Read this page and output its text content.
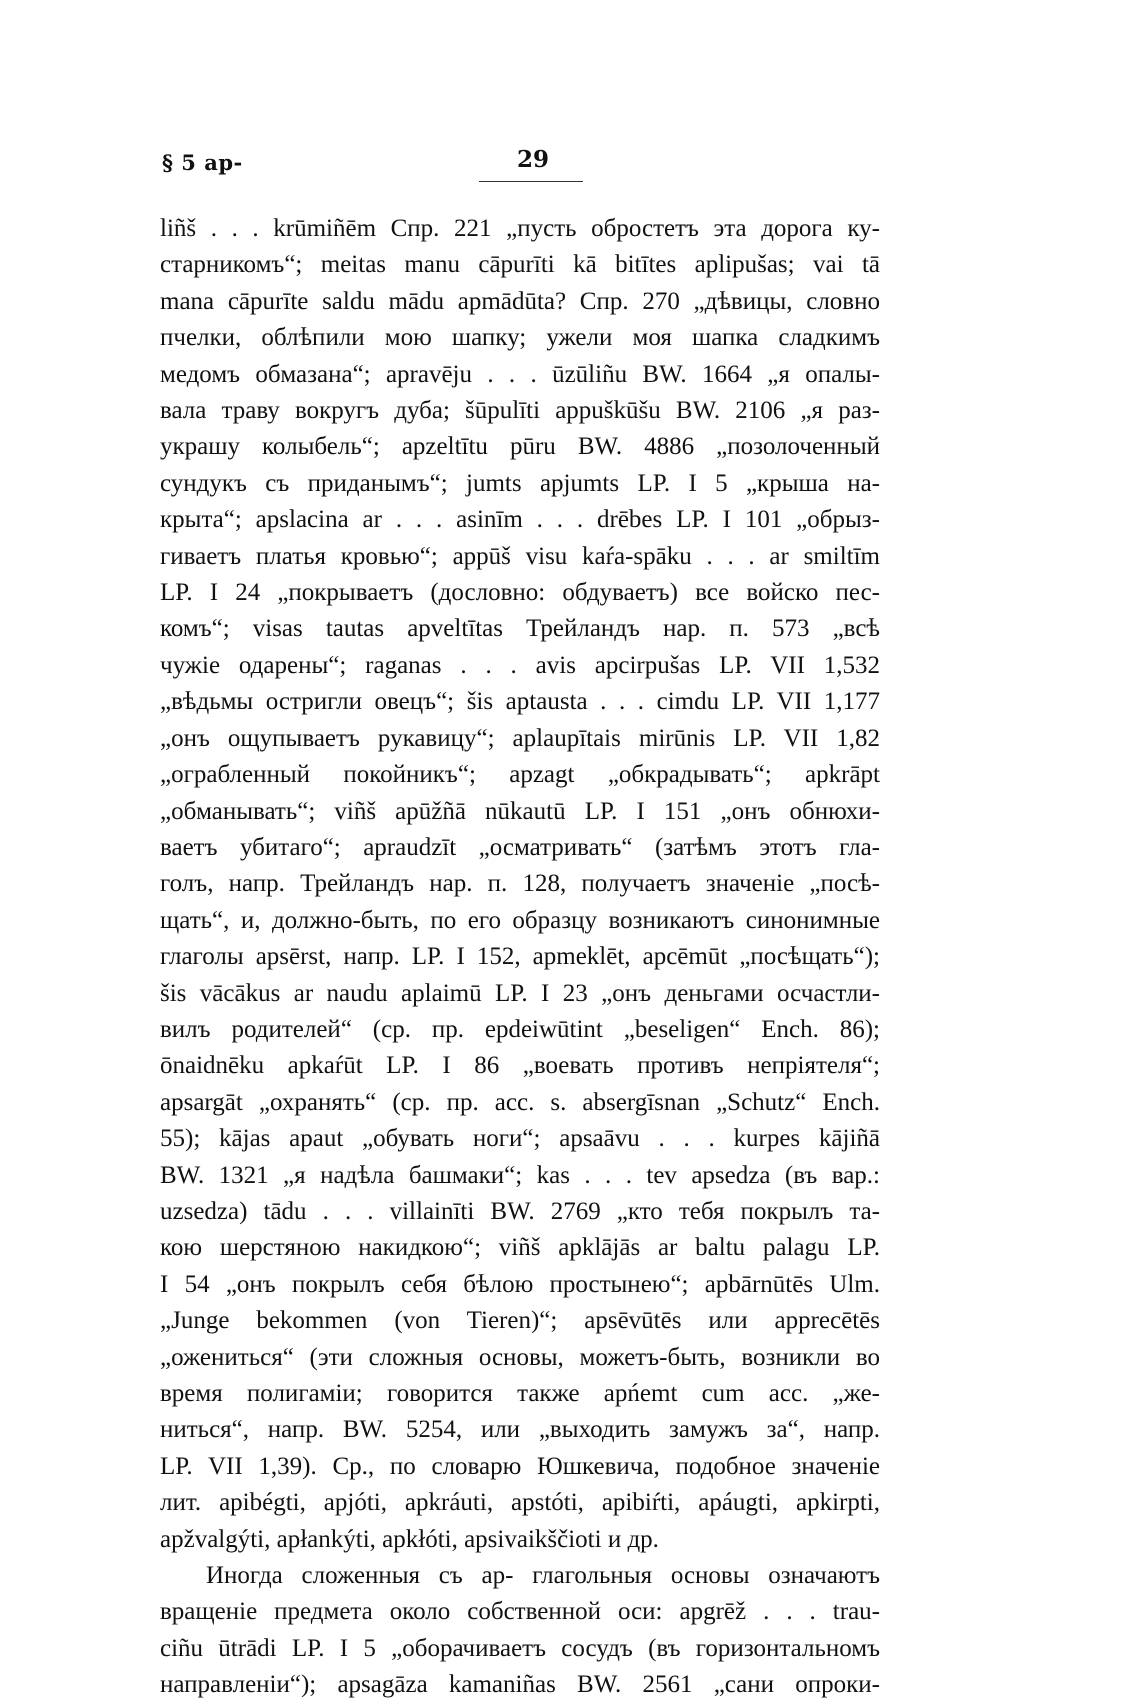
§ 5 ap-	29

liñš . . . krūmiñēm Спр. 221 „пусть обростетъ эта дорога ку-
старникомъ“; meitas manu cāpurīti kā bitītes aplipušas; vai tā
mana cāpurīte saldu mādu apmādūta? Спр. 270 „дѣвицы, словно
пчелки, облѣпили мою шапку; ужели моя шапка сладкимъ
медомъ обмазана“; apravēju . . . ūzūliñu BW. 1664 „я опалы-
вала траву вокругъ дуба; šūpulīti appuškūšu BW. 2106 „я раз-
украшу колыбель“; apzeltītu pūru BW. 4886 „позолоченный
сундукъ съ приданымъ“; jumts apjumts LP. I 5 „крыша на-
крыта“; apslacina ar . . . asinīm . . . drēbes LP. I 101 „обрыз-
гиваетъ платья кровью“; appūš visu kaŕa-spāku . . . ar smiltīm
LP. I 24 „покрываетъ (дословно: обдуваетъ) все войско пес-
комъ“; visas tautas apveltītas Трейландъ нар. п. 573 „всѣ
чужіе одарены“; raganas . . . avis apcirpušas LP. VII 1,532
„вѣдьмы остригли овецъ“; šis aptausta . . . cimdu LP. VII 1,177
„онъ ощупываетъ рукавицу“; aplaupītais mirūnis LP. VII 1,82
„ограбленный покойникъ“; apzagt „обкрадывать“; apkrāpt
„обманывать“; viñš apūžñā nūkautū LP. I 151 „онъ обнюхи-
ваетъ убитаго“; apraudzīt „осматривать“ (затѣмъ этотъ гла-
голъ, напр. Трейландъ нар. п. 128, получаетъ значеніе „посѣ-
щать“, и, должно-быть, по его образцу возникаютъ синонимные
глаголы apsērst, напр. LP. I 152, apmeklēt, apcēmūt „посѣщать“);
šis vācākus ar naudu aplaimū LP. I 23 „онъ деньгами осчастли-
вилъ родителей“ (ср. пр. epdeiwūtint „beseligen“ Ench. 86);
ōnaidnēku apkaŕūt LP. I 86 „воевать противъ непріятеля“;
apsargāt „охранять“ (ср. пр. acc. s. absergīsnan „Schutz“ Ench.
55); kājas apaut „обувать ноги“; apsaāvu . . . kurpes kājiñā
BW. 1321 „я надѣла башмаки“; kas . . . tev apsedza (въ вар.:
uzsedza) tādu . . . villainīti BW. 2769 „кто тебя покрылъ та-
кою шерстяною накидкою“; viñš apklājās ar baltu palagu LP.
I 54 „онъ покрылъ себя бѣлою простынею“; apbārnūtēs Ulm.
„Junge bekommen (von Tieren)“; apsēvūtēs или apprecētēs
„оженитьcя“ (эти сложныя основы, можетъ-быть, возникли во
время полигаміи; говорится также apńemt cum acc. „же-
ниться“, напр. BW. 5254, или „выходить замужъ за“, напр.
LP. VII 1,39). Ср., по словарю Юшкевича, подобное значеніе
лит. apibégti, apjóti, apkráuti, apstóti, apibiŕti, apáugti, apkirpti,
apžvalgýti, apłankýti, apkłóti, apsivaikščioti и др.

Иногда сложенныя съ ap- глагольныя основы означаютъ
вращеніе предмета около собственной оси: apgrēž . . . trau-
ciñu ūtrādi LP. I 5 „оборачиваетъ сосудъ (въ горизонтальномъ
направленіи“); apsagāza kamaniñas BW. 2561 „сани опроки-
